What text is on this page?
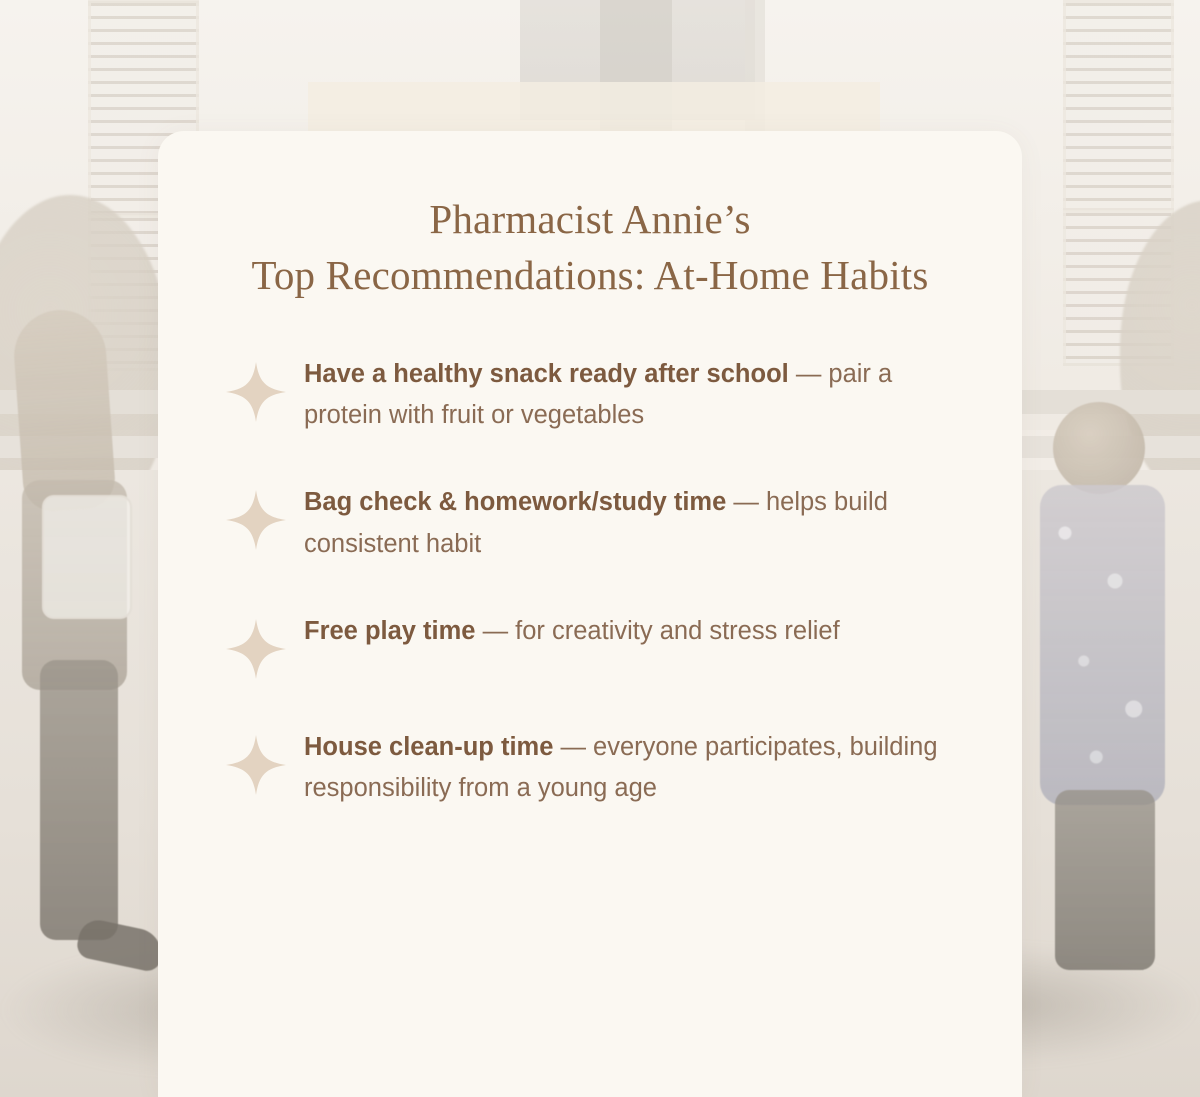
Pharmacist Annie’s
Top Recommendations: At-Home Habits
Have a healthy snack ready after school — pair a protein with fruit or vegetables
Bag check & homework/study time — helps build consistent habit
Free play time — for creativity and stress relief
House clean-up time — everyone participates, building responsibility from a young age
